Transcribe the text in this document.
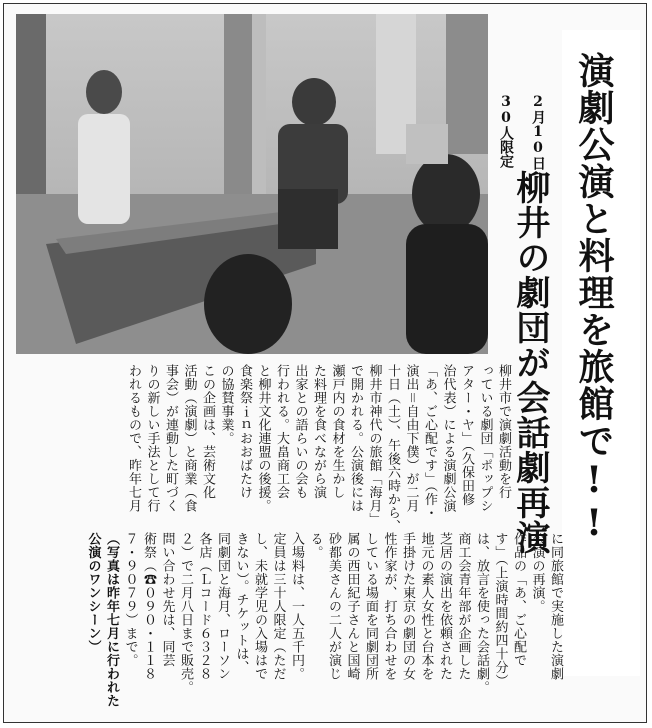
演劇公演と料理を旅館で!!

2月10日

30人限定

柳井の劇団が会話劇再演
柳井市で演劇活動を行
っている劇団「ポップシ
アター・ヤ」（久保田修
治代表）による演劇公演
「あ、ご心配です」（作・
演出＝自由下僕）が二月
十日（土）、午後六時から、
柳井市神代の旅館「海月」
で開かれる。公演後には
瀬戸内の食材を生かし
た料理を食べながら演
出家との語らいの会も
行われる。大畠商工会
と柳井文化連盟の後援。
食楽祭ｉｎおおばたけ
の協賛事業。
この企画は、芸術文化
活動（演劇）と商業（食
事会）が連動した町づく
りの新しい手法として行
われるもので、昨年七月

に同旅館で実施した演劇
公演の再演。
作品の「あ、ご心配で
す」（上演時間約四十分）
は、放言を使った会話劇。
商工会青年部が企画した
芝居の演出を依頼された
地元の素人女性と台本を
手掛けた東京の劇団の女
性作家が、打ち合わせを
している場面を同劇団所
属の西田紀子さんと国崎
砂都美さんの二人が演じ
る。
入場料は、一人五千円。
定員は三十人限定（ただ
し、未就学児の入場はで
きない）。チケットは、
同劇団と海月、ローソン
各店（Ｌコード６３２８
２）で二月八日まで販売。
問い合わせ先は、同芸
術祭（☎０９０・１１８
７・９０７９）まで。
（写真は昨年七月に行われた公演のワンシーン）
